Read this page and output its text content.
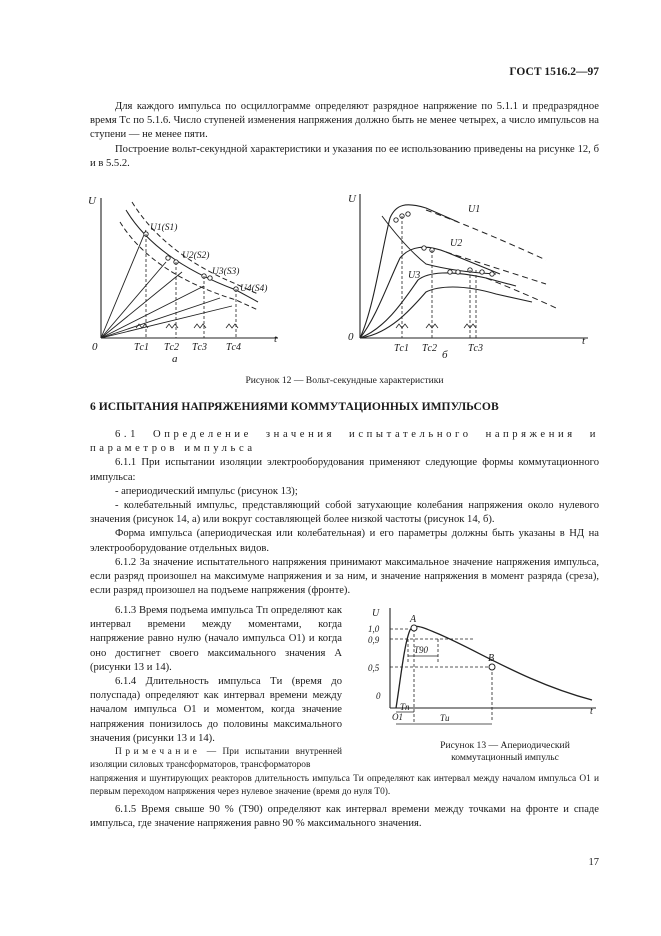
ГОСТ 1516.2—97

Для каждого импульса по осциллограмме определяют разрядное напряжение по 5.1.1 и предразрядное время Tс по 5.1.6. Число ступеней изменения напряжения должно быть не менее четырех, а число импульсов на ступени — не менее пяти.

Построение вольт-секундной характеристики и указания по ее использованию приведены на рисунке 12, б и в 5.5.2.

U
t
0
U1(S1)
U2(S2)
U3(S3)
U4(S4)
Tс1 Tс2 Tс3 Tс4
а
U
t
0
U1
U2
U3
Tс1 Tс2	Tс3
б
Рисунок 12 — Вольт-секундные характеристики
6 ИСПЫТАНИЯ НАПРЯЖЕНИЯМИ КОММУТАЦИОННЫХ ИМПУЛЬСОВ

6.1 Определение значения испытательного напряжения и параметров импульса

6.1.1 При испытании изоляции электрооборудования применяют следующие формы коммутационного импульса:

- апериодический импульс (рисунок 13);

- колебательный импульс, представляющий собой затухающие колебания напряжения около нулевого значения (рисунок 14, а) или вокруг составляющей более низкой частоты (рисунок 14, б).

Форма импульса (апериодическая или колебательная) и его параметры должны быть указаны в НД на электрооборудование отдельных видов.

6.1.2 За значение испытательного напряжения принимают максимальное значение напряжения импульса, если разряд произошел на максимуме напряжения и за ним, и значение напряжения в момент разряда (среза), если разряд произошел на подъеме напряжения (фронте).

6.1.3 Время подъема импульса Tп определяют как интервал времени между моментами, когда напряжение равно нулю (начало импульса O1) и когда оно достигнет своего максимального значения A (рисунки 13 и 14).

6.1.4 Длительность импульса Tи (время до полуспада) определяют как интервал времени между началом импульса O1 и моментом, когда значение напряжения понизилось до половины максимального значения (рисунки 13 и 14).

Примечание — При испытании внутренней изоляции силовых трансформаторов, трансформаторов

U
t
1,0
0,9
0,5
0
A
B
O1
T90
Tп
Tи
Рисунок 13 — Апериодический коммутационный импульс

напряжения и шунтирующих реакторов длительность импульса Tи определяют как интервал между началом импульса O1 и первым переходом напряжения через нулевое значение (время до нуля T0).

6.1.5 Время свыше 90 % (T90) определяют как интервал времени между точками на фронте и спаде импульса, где значение напряжения равно 90 % максимального значения.

17
